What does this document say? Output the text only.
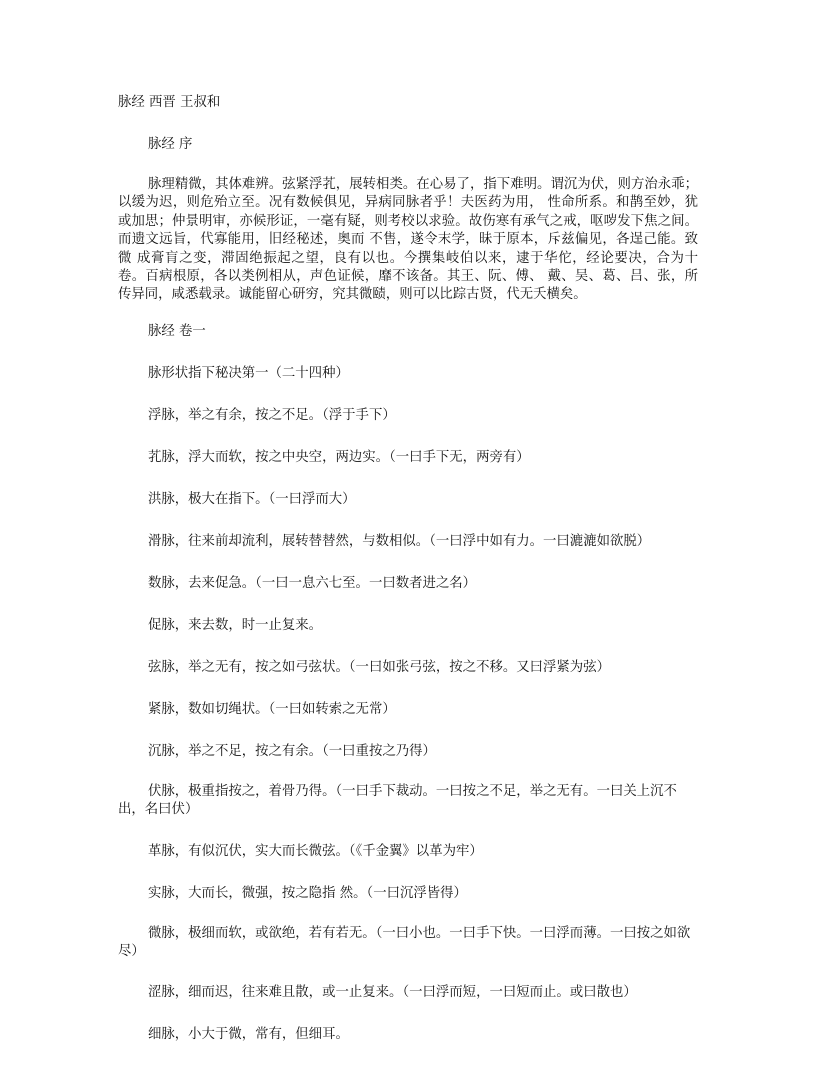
脉经 西晋 王叔和

脉经 序

脉理精微，其体难辨。弦紧浮芤，展转相类。在心易了，指下难明。谓沉为伏，则方治永乖；以缓为迟，则危殆立至。况有数候俱见，异病同脉者乎！夫医药为用， 性命所系。和鹊至妙，犹或加思；仲景明审，亦候形证，一毫有疑，则考校以求验。故伤寒有承气之戒，呕哕发下焦之间。而遗文远旨，代寡能用，旧经秘述，奥而 不售，遂令末学，昧于原本，斥兹偏见，各逞己能。致微 成膏肓之变，滞固绝振起之望，良有以也。今撰集岐伯以来，逮于华佗，经论要决，合为十卷。百病根原，各以类例相从，声色证候，靡不该备。其王、阮、傅、 戴、吴、葛、吕、张，所传异同，咸悉载录。诚能留心研穷，究其微赜，则可以比踪古贤，代无夭横矣。

脉经 卷一

脉形状指下秘决第一（二十四种）

浮脉，举之有余，按之不足。（浮于手下）

芤脉，浮大而软，按之中央空，两边实。（一曰手下无，两旁有）

洪脉，极大在指下。（一曰浮而大）

滑脉，往来前却流利，展转替替然，与数相似。（一曰浮中如有力。一曰漉漉如欲脱）

数脉，去来促急。（一曰一息六七至。一曰数者进之名）

促脉，来去数，时一止复来。

弦脉，举之无有，按之如弓弦状。（一曰如张弓弦，按之不移。又曰浮紧为弦）

紧脉，数如切绳状。（一曰如转索之无常）

沉脉，举之不足，按之有余。（一曰重按之乃得）

伏脉，极重指按之，着骨乃得。（一曰手下裁动。一曰按之不足，举之无有。一曰关上沉不出，名曰伏）

革脉，有似沉伏，实大而长微弦。（《千金翼》以革为牢）

实脉，大而长，微强，按之隐指 然。（一曰沉浮皆得）

微脉，极细而软，或欲绝，若有若无。（一曰小也。一曰手下快。一曰浮而薄。一曰按之如欲尽）

涩脉，细而迟，往来难且散，或一止复来。（一曰浮而短，一曰短而止。或曰散也）

细脉，小大于微，常有，但细耳。
